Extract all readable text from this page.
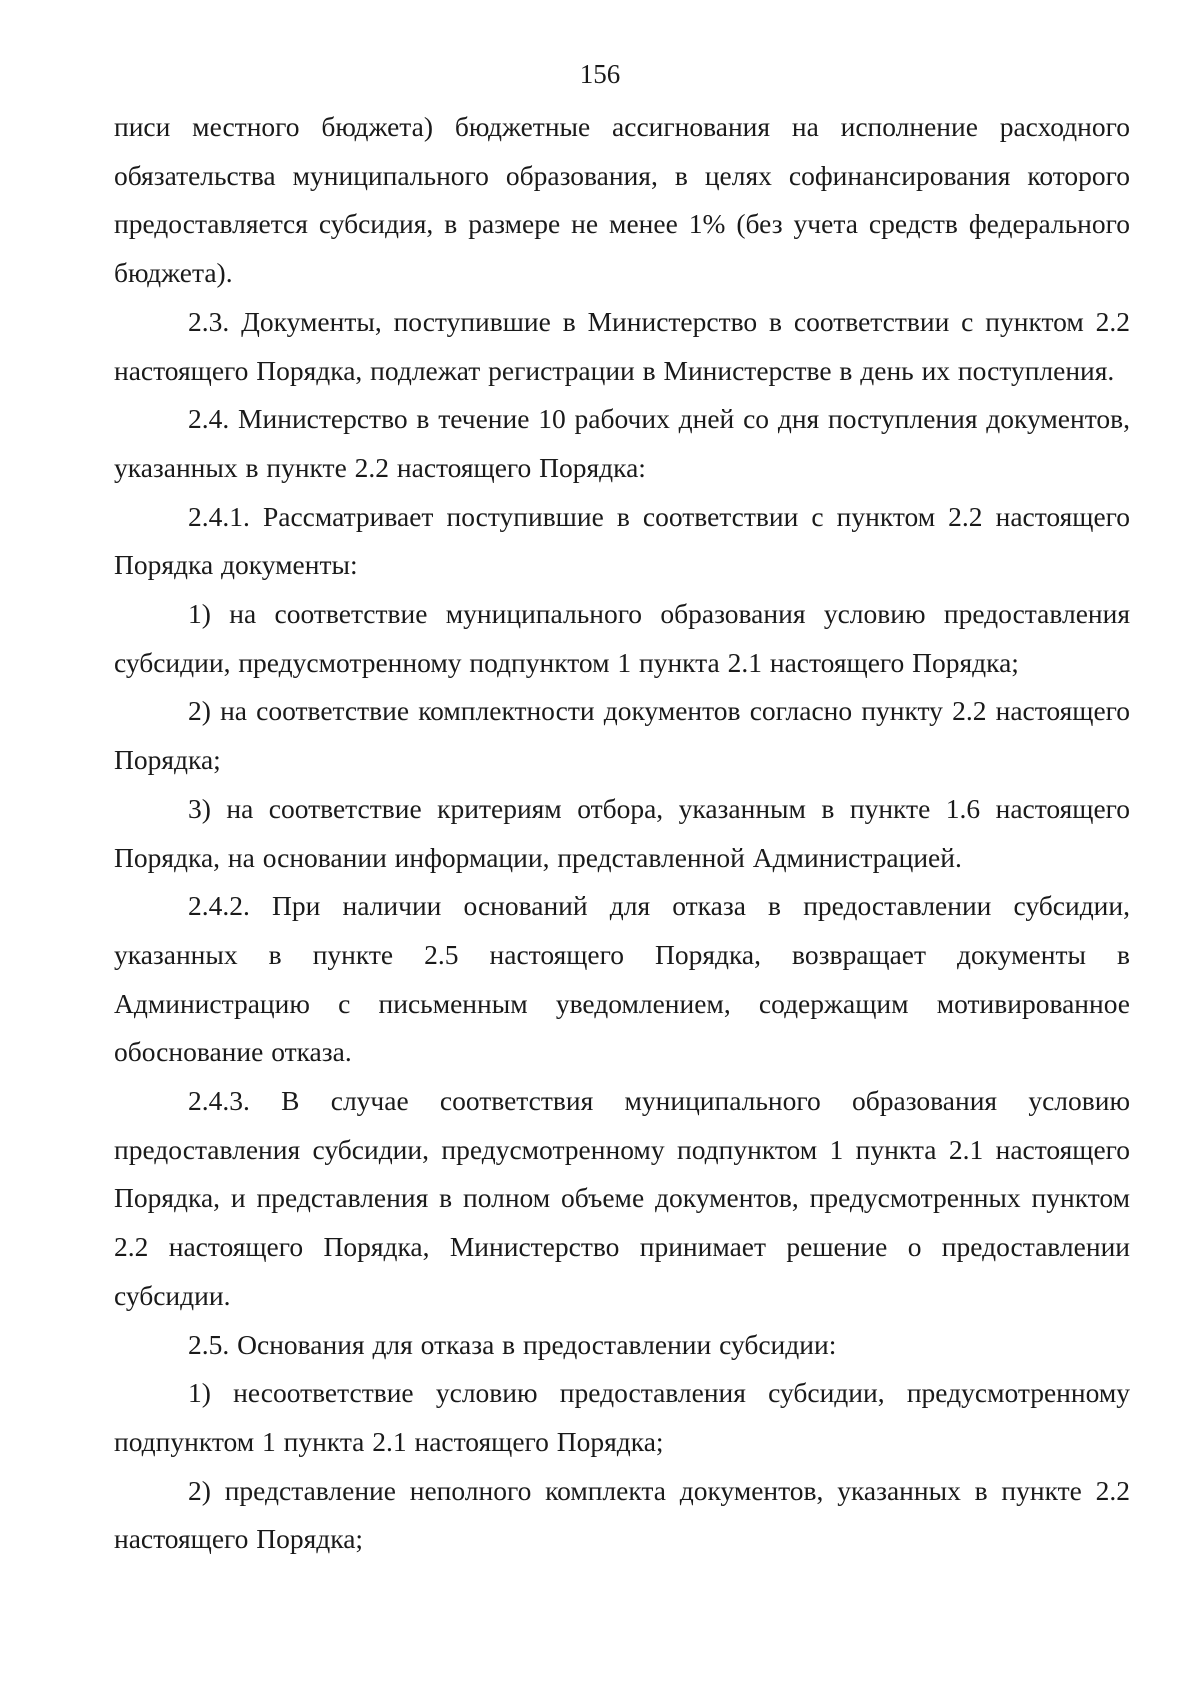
156

писи местного бюджета) бюджетные ассигнования на исполнение расходного обязательства муниципального образования, в целях софинансирования которого предоставляется субсидия, в размере не менее 1% (без учета средств федерального бюджета).

2.3. Документы, поступившие в Министерство в соответствии с пунктом 2.2 настоящего Порядка, подлежат регистрации в Министерстве в день их поступления.

2.4. Министерство в течение 10 рабочих дней со дня поступления документов, указанных в пункте 2.2 настоящего Порядка:

2.4.1. Рассматривает поступившие в соответствии с пунктом 2.2 настоящего Порядка документы:

1) на соответствие муниципального образования условию предоставления субсидии, предусмотренному подпунктом 1 пункта 2.1 настоящего Порядка;

2) на соответствие комплектности документов согласно пункту 2.2 настоящего Порядка;

3) на соответствие критериям отбора, указанным в пункте 1.6 настоящего Порядка, на основании информации, представленной Администрацией.

2.4.2. При наличии оснований для отказа в предоставлении субсидии, указанных в пункте 2.5 настоящего Порядка, возвращает документы в Администрацию с письменным уведомлением, содержащим мотивированное обоснование отказа.

2.4.3. В случае соответствия муниципального образования условию предоставления субсидии, предусмотренному подпунктом 1 пункта 2.1 настоящего Порядка, и представления в полном объеме документов, предусмотренных пунктом 2.2 настоящего Порядка, Министерство принимает решение о предоставлении субсидии.

2.5. Основания для отказа в предоставлении субсидии:

1) несоответствие условию предоставления субсидии, предусмотренному подпунктом 1 пункта 2.1 настоящего Порядка;

2) представление неполного комплекта документов, указанных в пункте 2.2 настоящего Порядка;
